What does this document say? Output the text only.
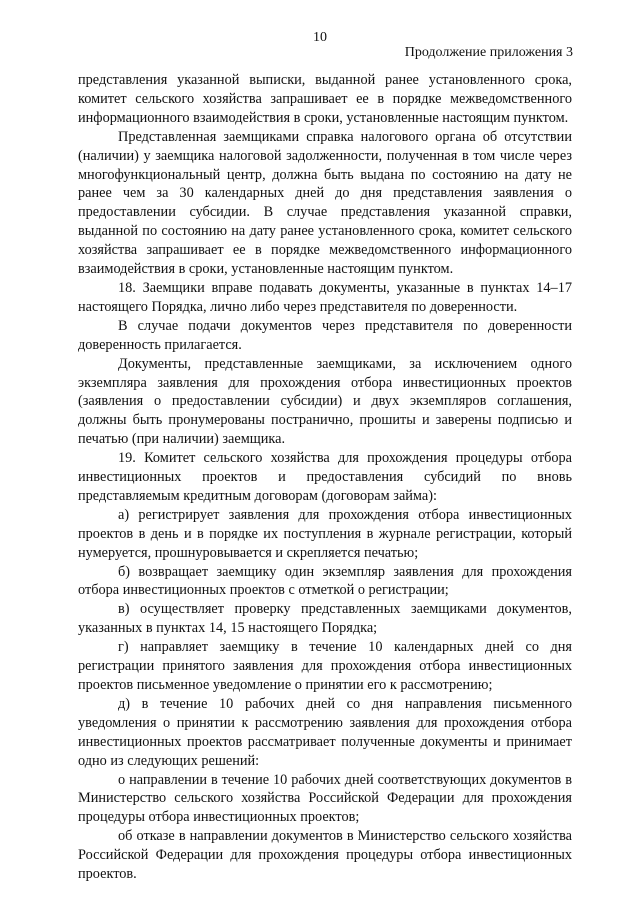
10
Продолжение приложения 3

представления указанной выписки, выданной ранее установленного срока, комитет сельского хозяйства запрашивает ее в порядке межведомственного информационного взаимодействия в сроки, установленные настоящим пунктом.

Представленная заемщиками справка налогового органа об отсутствии (наличии) у заемщика налоговой задолженности, полученная в том числе через многофункциональный центр, должна быть выдана по состоянию на дату не ранее чем за 30 календарных дней до дня представления заявления о предоставлении субсидии. В случае представления указанной справки, выданной по состоянию на дату ранее установленного срока, комитет сельского хозяйства запрашивает ее в порядке межведомственного информационного взаимодействия в сроки, установленные настоящим пунктом.

18. Заемщики вправе подавать документы, указанные в пунктах 14–17 настоящего Порядка, лично либо через представителя по доверенности.

В случае подачи документов через представителя по доверенности доверенность прилагается.

Документы, представленные заемщиками, за исключением одного экземпляра заявления для прохождения отбора инвестиционных проектов (заявления о предоставлении субсидии) и двух экземпляров соглашения, должны быть пронумерованы постранично, прошиты и заверены подписью и печатью (при наличии) заемщика.

19. Комитет сельского хозяйства для прохождения процедуры отбора инвестиционных проектов и предоставления субсидий по вновь представляемым кредитным договорам (договорам займа):

а) регистрирует заявления для прохождения отбора инвестиционных проектов в день и в порядке их поступления в журнале регистрации, который нумеруется, прошнуровывается и скрепляется печатью;

б) возвращает заемщику один экземпляр заявления для прохождения отбора инвестиционных проектов с отметкой о регистрации;

в) осуществляет проверку представленных заемщиками документов, указанных в пунктах 14, 15 настоящего Порядка;

г) направляет заемщику в течение 10 календарных дней со дня регистрации принятого заявления для прохождения отбора инвестиционных проектов письменное уведомление о принятии его к рассмотрению;

д) в течение 10 рабочих дней со дня направления письменного уведомления о принятии к рассмотрению заявления для прохождения отбора инвестиционных проектов рассматривает полученные документы и принимает одно из следующих решений:

о направлении в течение 10 рабочих дней соответствующих документов в Министерство сельского хозяйства Российской Федерации для прохождения процедуры отбора инвестиционных проектов;

об отказе в направлении документов в Министерство сельского хозяйства Российской Федерации для прохождения процедуры отбора инвестиционных проектов.
